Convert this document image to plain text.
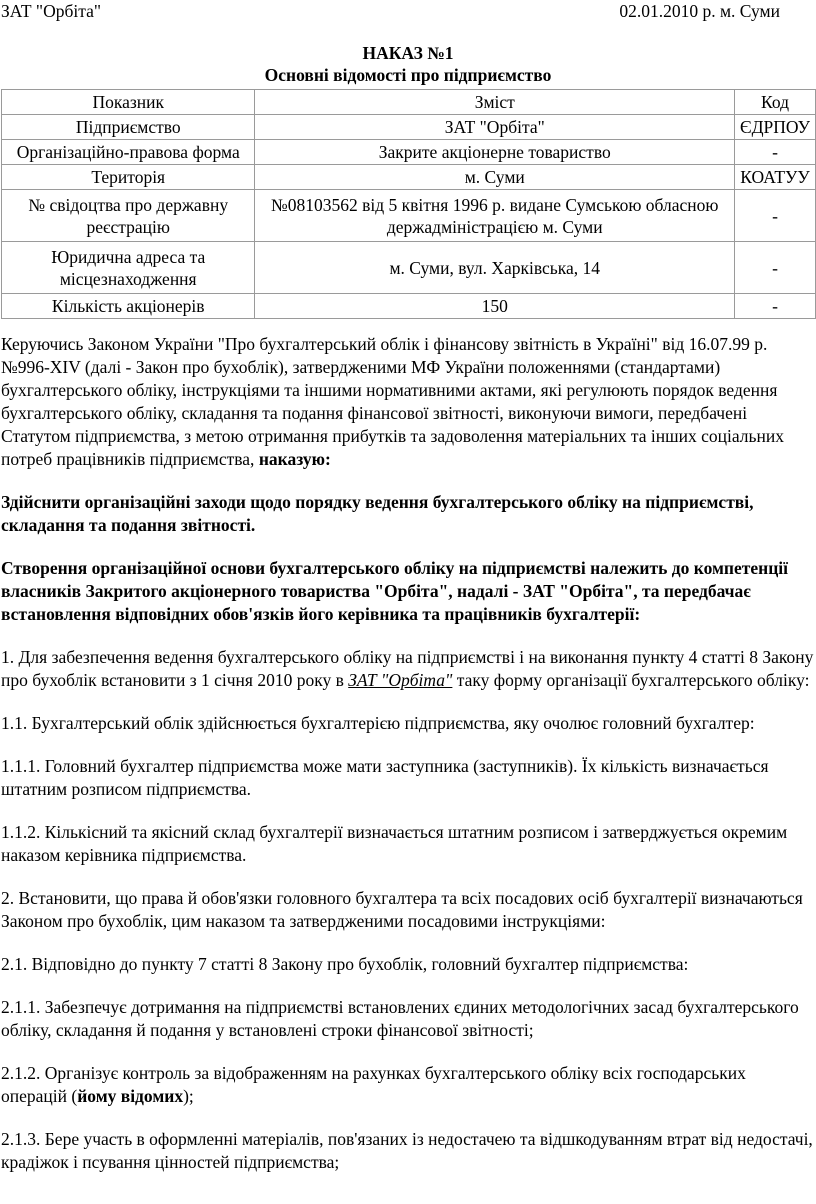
ЗАТ "Орбіта"	02.01.2010 р. м. Суми
НАКАЗ №1
Основні відомості про підприємство
Показник	Зміст	Код
Підприємство	ЗАТ "Орбіта"	ЄДРПОУ
Організаційно-правова форма	Закрите акціонерне товариство	-
Територія	м. Суми	КОАТУУ
№ свідоцтва про державну реєстрацію	№08103562 від 5 квітня 1996 р. видане Сумською обласною держадміністрацією м. Суми	-
Юридична адреса та місцезнаходження	м. Суми, вул. Харківська, 14	-
Кількість акціонерів	150	-

Керуючись Законом України "Про бухгалтерський облік і фінансову звітність в Україні" від 16.07.99 р. №996-XIV (далі - Закон про бухоблік), затвердженими МФ України положеннями (стандартами) бухгалтерського обліку, інструкціями та іншими нормативними актами, які регулюють порядок ведення бухгалтерського обліку, складання та подання фінансової звітності, виконуючи вимоги, передбачені Статутом підприємства, з метою отримання прибутків та задоволення матеріальних та інших соціальних потреб працівників підприємства, наказую:

Здійснити організаційні заходи щодо порядку ведення бухгалтерського обліку на підприємстві, складання та подання звітності.

Створення організаційної основи бухгалтерського обліку на підприємстві належить до компетенції власників Закритого акціонерного товариства "Орбіта", надалі - ЗАТ "Орбіта", та передбачає встановлення відповідних обов'язків його керівника та працівників бухгалтерії:

1. Для забезпечення ведення бухгалтерського обліку на підприємстві і на виконання пункту 4 статті 8 Закону про бухоблік встановити з 1 січня 2010 року в ЗАТ "Орбіта" таку форму організації бухгалтерського обліку:

1.1. Бухгалтерський облік здійснюється бухгалтерією підприємства, яку очолює головний бухгалтер:

1.1.1. Головний бухгалтер підприємства може мати заступника (заступників). Їх кількість визначається штатним розписом підприємства.

1.1.2. Кількісний та якісний склад бухгалтерії визначається штатним розписом і затверджується окремим наказом керівника підприємства.

2. Встановити, що права й обов'язки головного бухгалтера та всіх посадових осіб бухгалтерії визначаються Законом про бухоблік, цим наказом та затвердженими посадовими інструкціями:

2.1. Відповідно до пункту 7 статті 8 Закону про бухоблік, головний бухгалтер підприємства:

2.1.1. Забезпечує дотримання на підприємстві встановлених єдиних методологічних засад бухгалтерського обліку, складання й подання у встановлені строки фінансової звітності;

2.1.2. Організує контроль за відображенням на рахунках бухгалтерського обліку всіх господарських операцій (йому відомих);

2.1.3. Бере участь в оформленні матеріалів, пов'язаних із недостачею та відшкодуванням втрат від недостачі, крадіжок і псування цінностей підприємства;
